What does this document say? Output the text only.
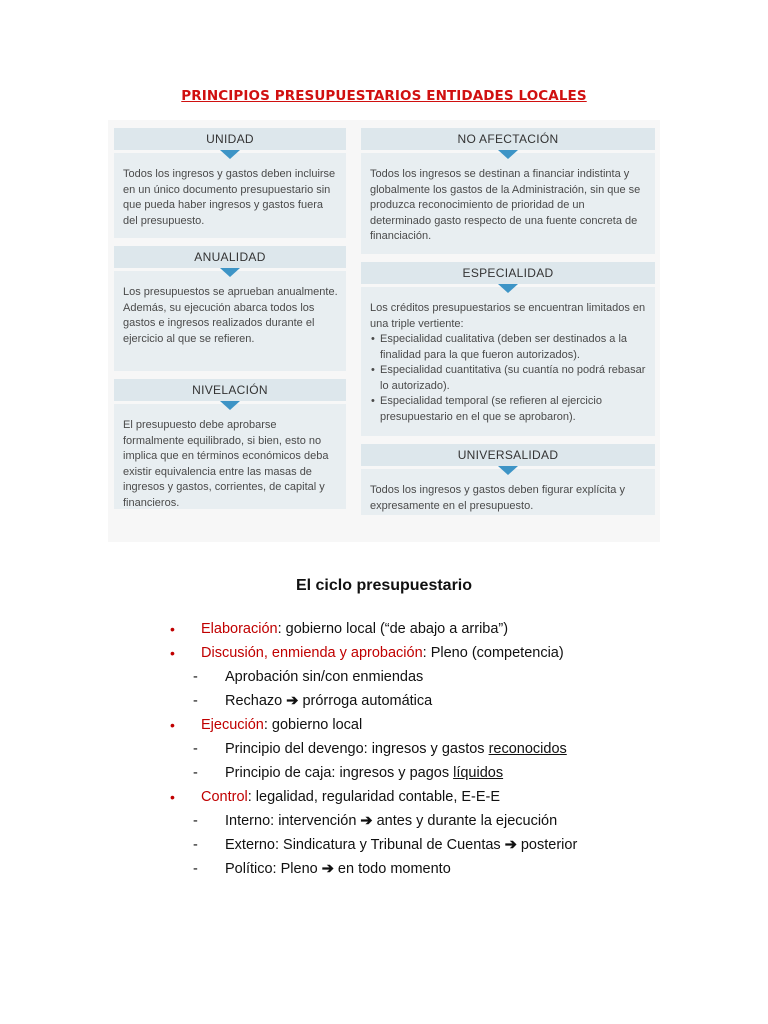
PRINCIPIOS PRESUPUESTARIOS ENTIDADES LOCALES
UNIDAD

Todos los ingresos y gastos deben incluirse en un único documento presupuestario sin que pueda haber ingresos y gastos fuera del presupuesto.

ANUALIDAD

Los presupuestos se aprueban anualmente.

Además, su ejecución abarca todos los gastos e ingresos realizados durante el ejercicio al que se refieren.

NIVELACIÓN

El presupuesto debe aprobarse formalmente equilibrado, si bien, esto no implica que en términos económicos deba existir equivalencia entre las masas de ingresos y gastos, corrientes, de capital y financieros.

NO AFECTACIÓN

Todos los ingresos se destinan a financiar indistinta y globalmente los gastos de la Administración, sin que se produzca reconocimiento de prioridad de un determinado gasto respecto de una fuente concreta de financiación.

ESPECIALIDAD

Los créditos presupuestarios se encuentran limitados en una triple vertiente:

• Especialidad cualitativa (deben ser destinados a la finalidad para la que fueron autorizados).
• Especialidad cuantitativa (su cuantía no podrá rebasar lo autorizado).
• Especialidad temporal (se refieren al ejercicio presupuestario en el que se aprobaron).
UNIVERSALIDAD

Todos los ingresos y gastos deben figurar explícita y expresamente en el presupuesto.

El ciclo presupuestario
• Elaboración: gobierno local (“de abajo a arriba”)
• Discusión, enmienda y aprobación: Pleno (competencia)
- Aprobación sin/con enmiendas
- Rechazo ➔ prórroga automática
• Ejecución: gobierno local
- Principio del devengo: ingresos y gastos reconocidos
- Principio de caja: ingresos y pagos líquidos
• Control: legalidad, regularidad contable, E-E-E
- Interno: intervención ➔ antes y durante la ejecución
- Externo: Sindicatura y Tribunal de Cuentas ➔ posterior
- Político: Pleno ➔ en todo momento
